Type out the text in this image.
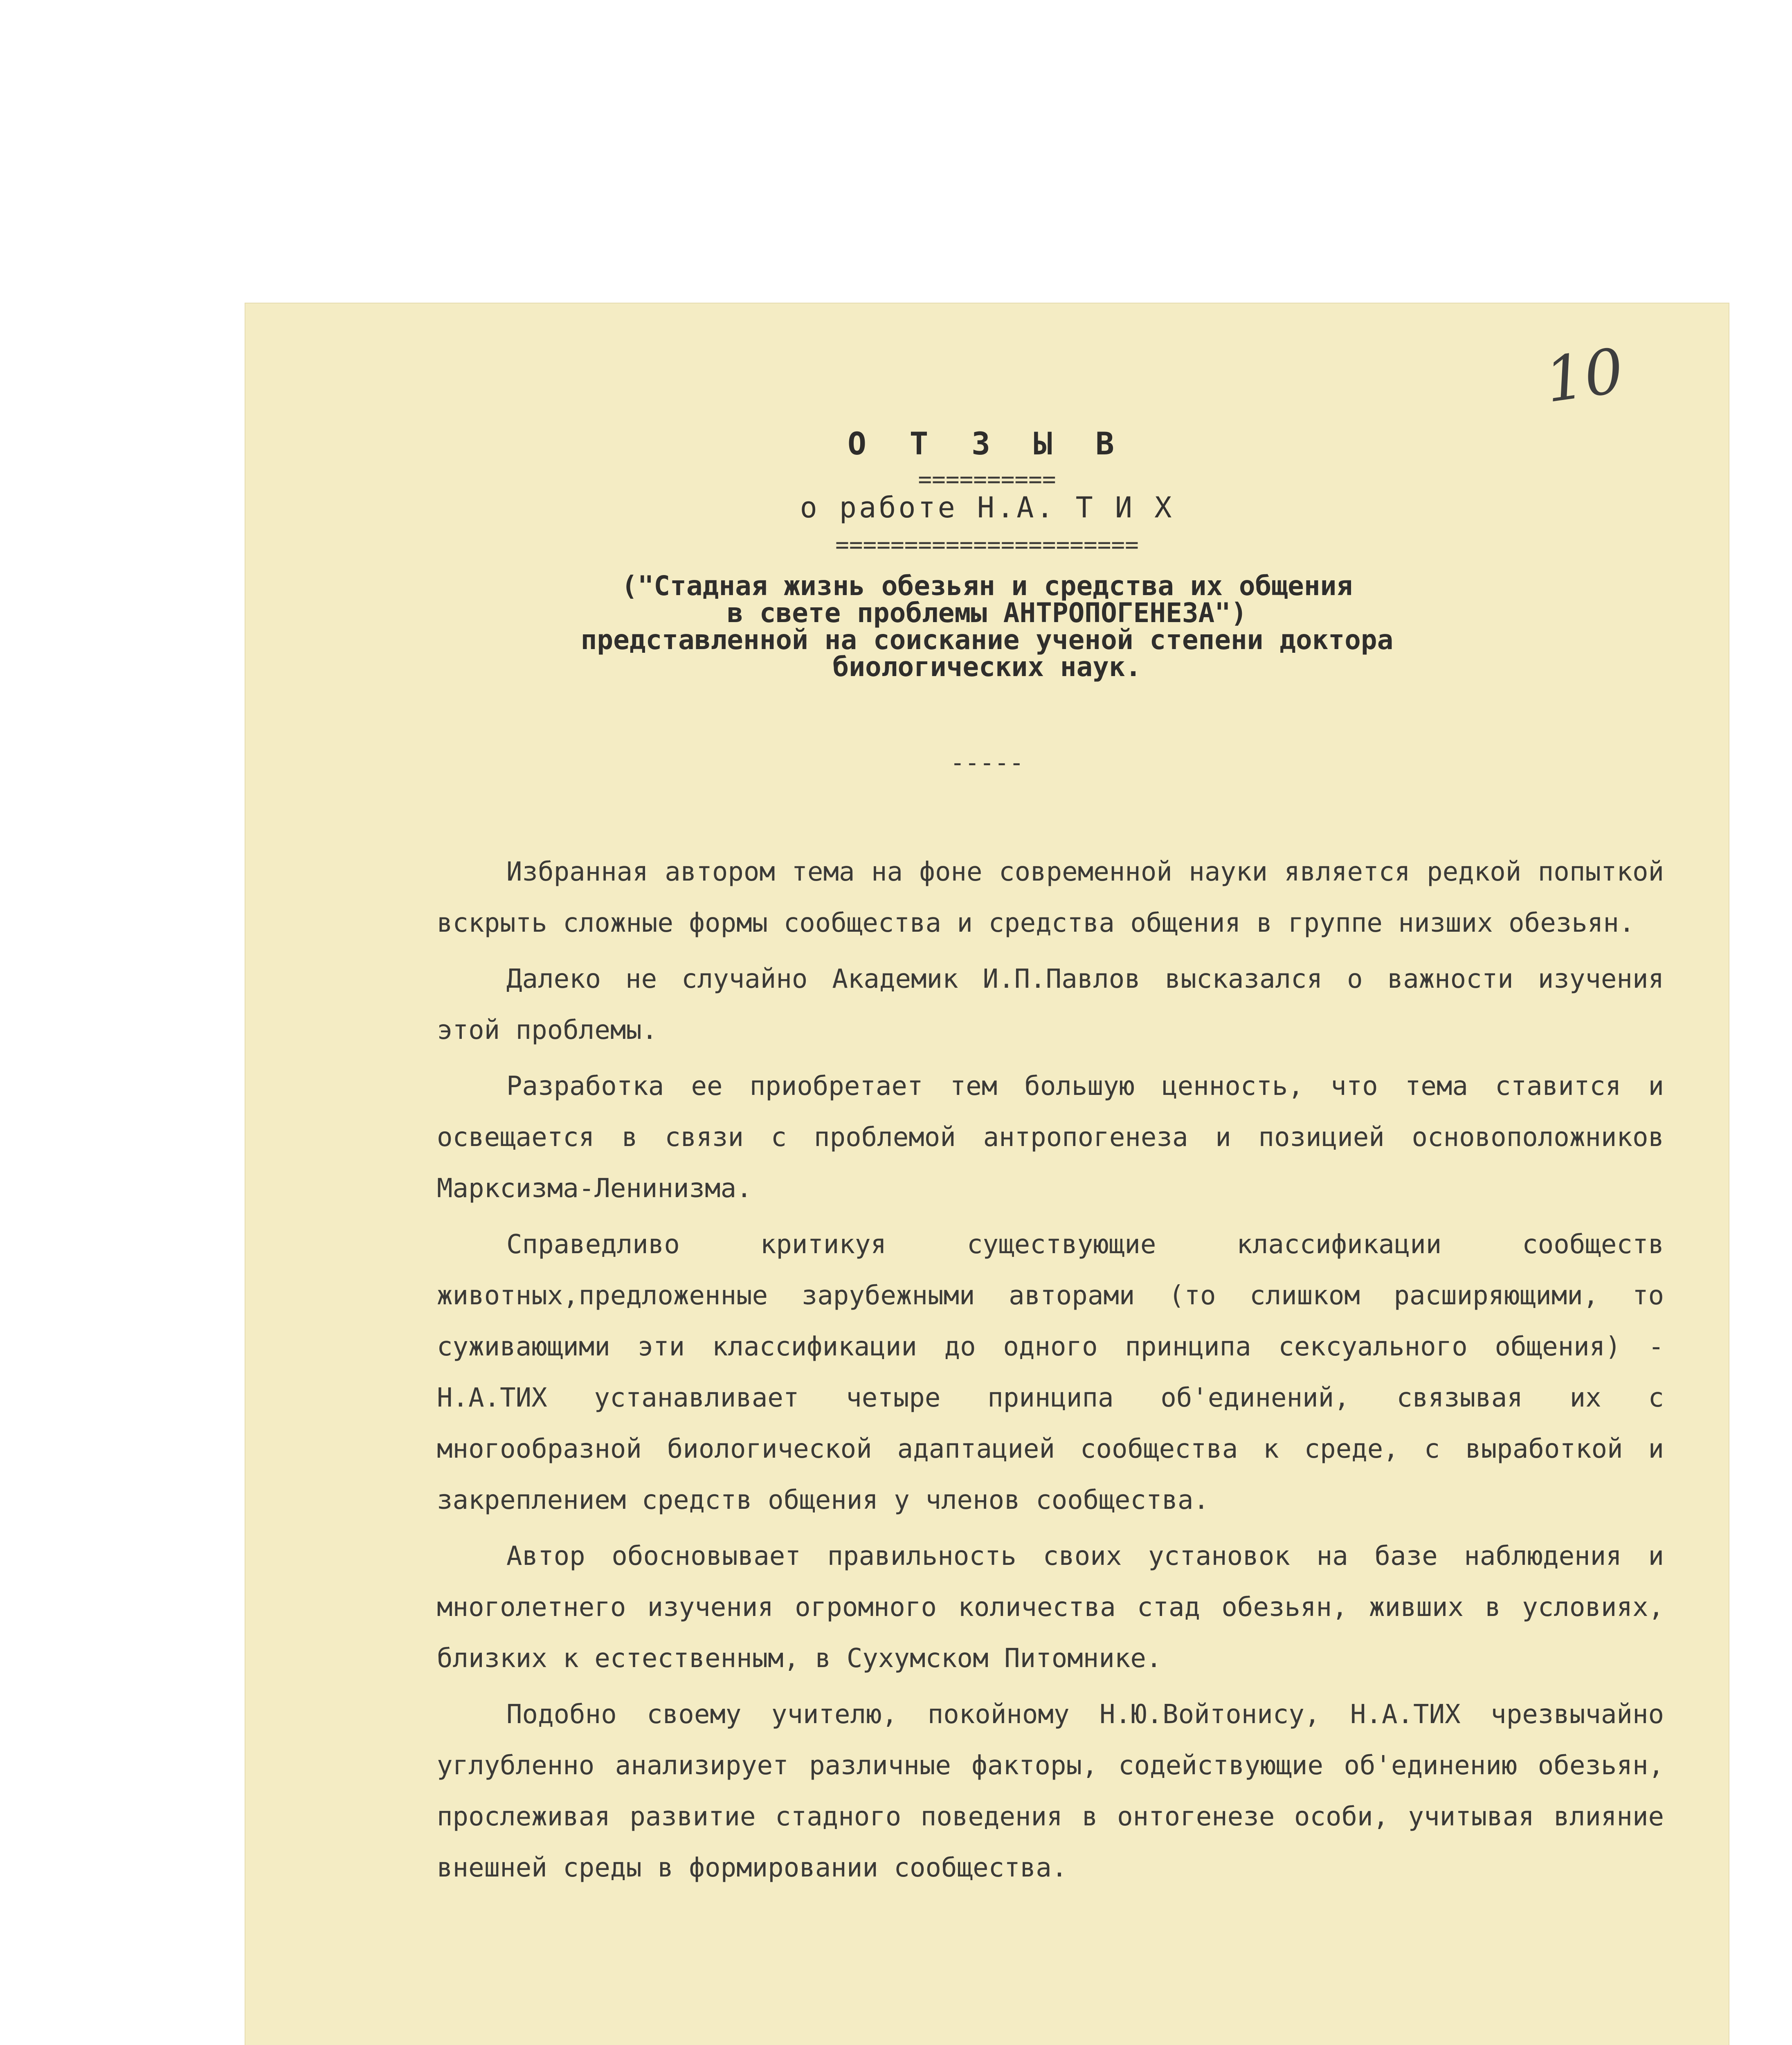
10
О Т З Ы В
==========
о работе Н.А. Т И Х
======================
("Стадная жизнь обезьян и средства их общения
в свете проблемы АНТРОПОГЕНЕЗА")
представленной на соискание ученой степени доктора
биологических наук.
-----

Избранная автором тема на фоне современной науки является редкой попыткой вскрыть сложные формы сообщества и средства общения в группе низших обезьян.

Далеко не случайно Академик И.П.Павлов высказался о важности изучения этой проблемы.

Разработка ее приобретает тем большую ценность, что тема ставится и освещается в связи с проблемой антропогенеза и позицией основоположников Марксизма-Ленинизма.

Справедливо критикуя существующие классификации сообществ животных,предложенные зарубежными авторами (то слишком расширяющими, то суживающими эти классификации до одного принципа сексуального общения) - Н.А.ТИХ устанавливает четыре принципа об'единений, связывая их с многообразной биологической адаптацией сообщества к среде, с выработкой и закреплением средств общения у членов сообщества.

Автор обосновывает правильность своих установок на базе наблюдения и многолетнего изучения огромного количества стад обезьян, живших в условиях, близких к естественным, в Сухумском Питомнике.

Подобно своему учителю, покойному Н.Ю.Войтонису, Н.А.ТИХ чрезвычайно углубленно анализирует различные факторы, содействующие об'единению обезьян, прослеживая развитие стадного поведения в онтогенезе особи, учитывая влияние внешней среды в формировании сообщества.
